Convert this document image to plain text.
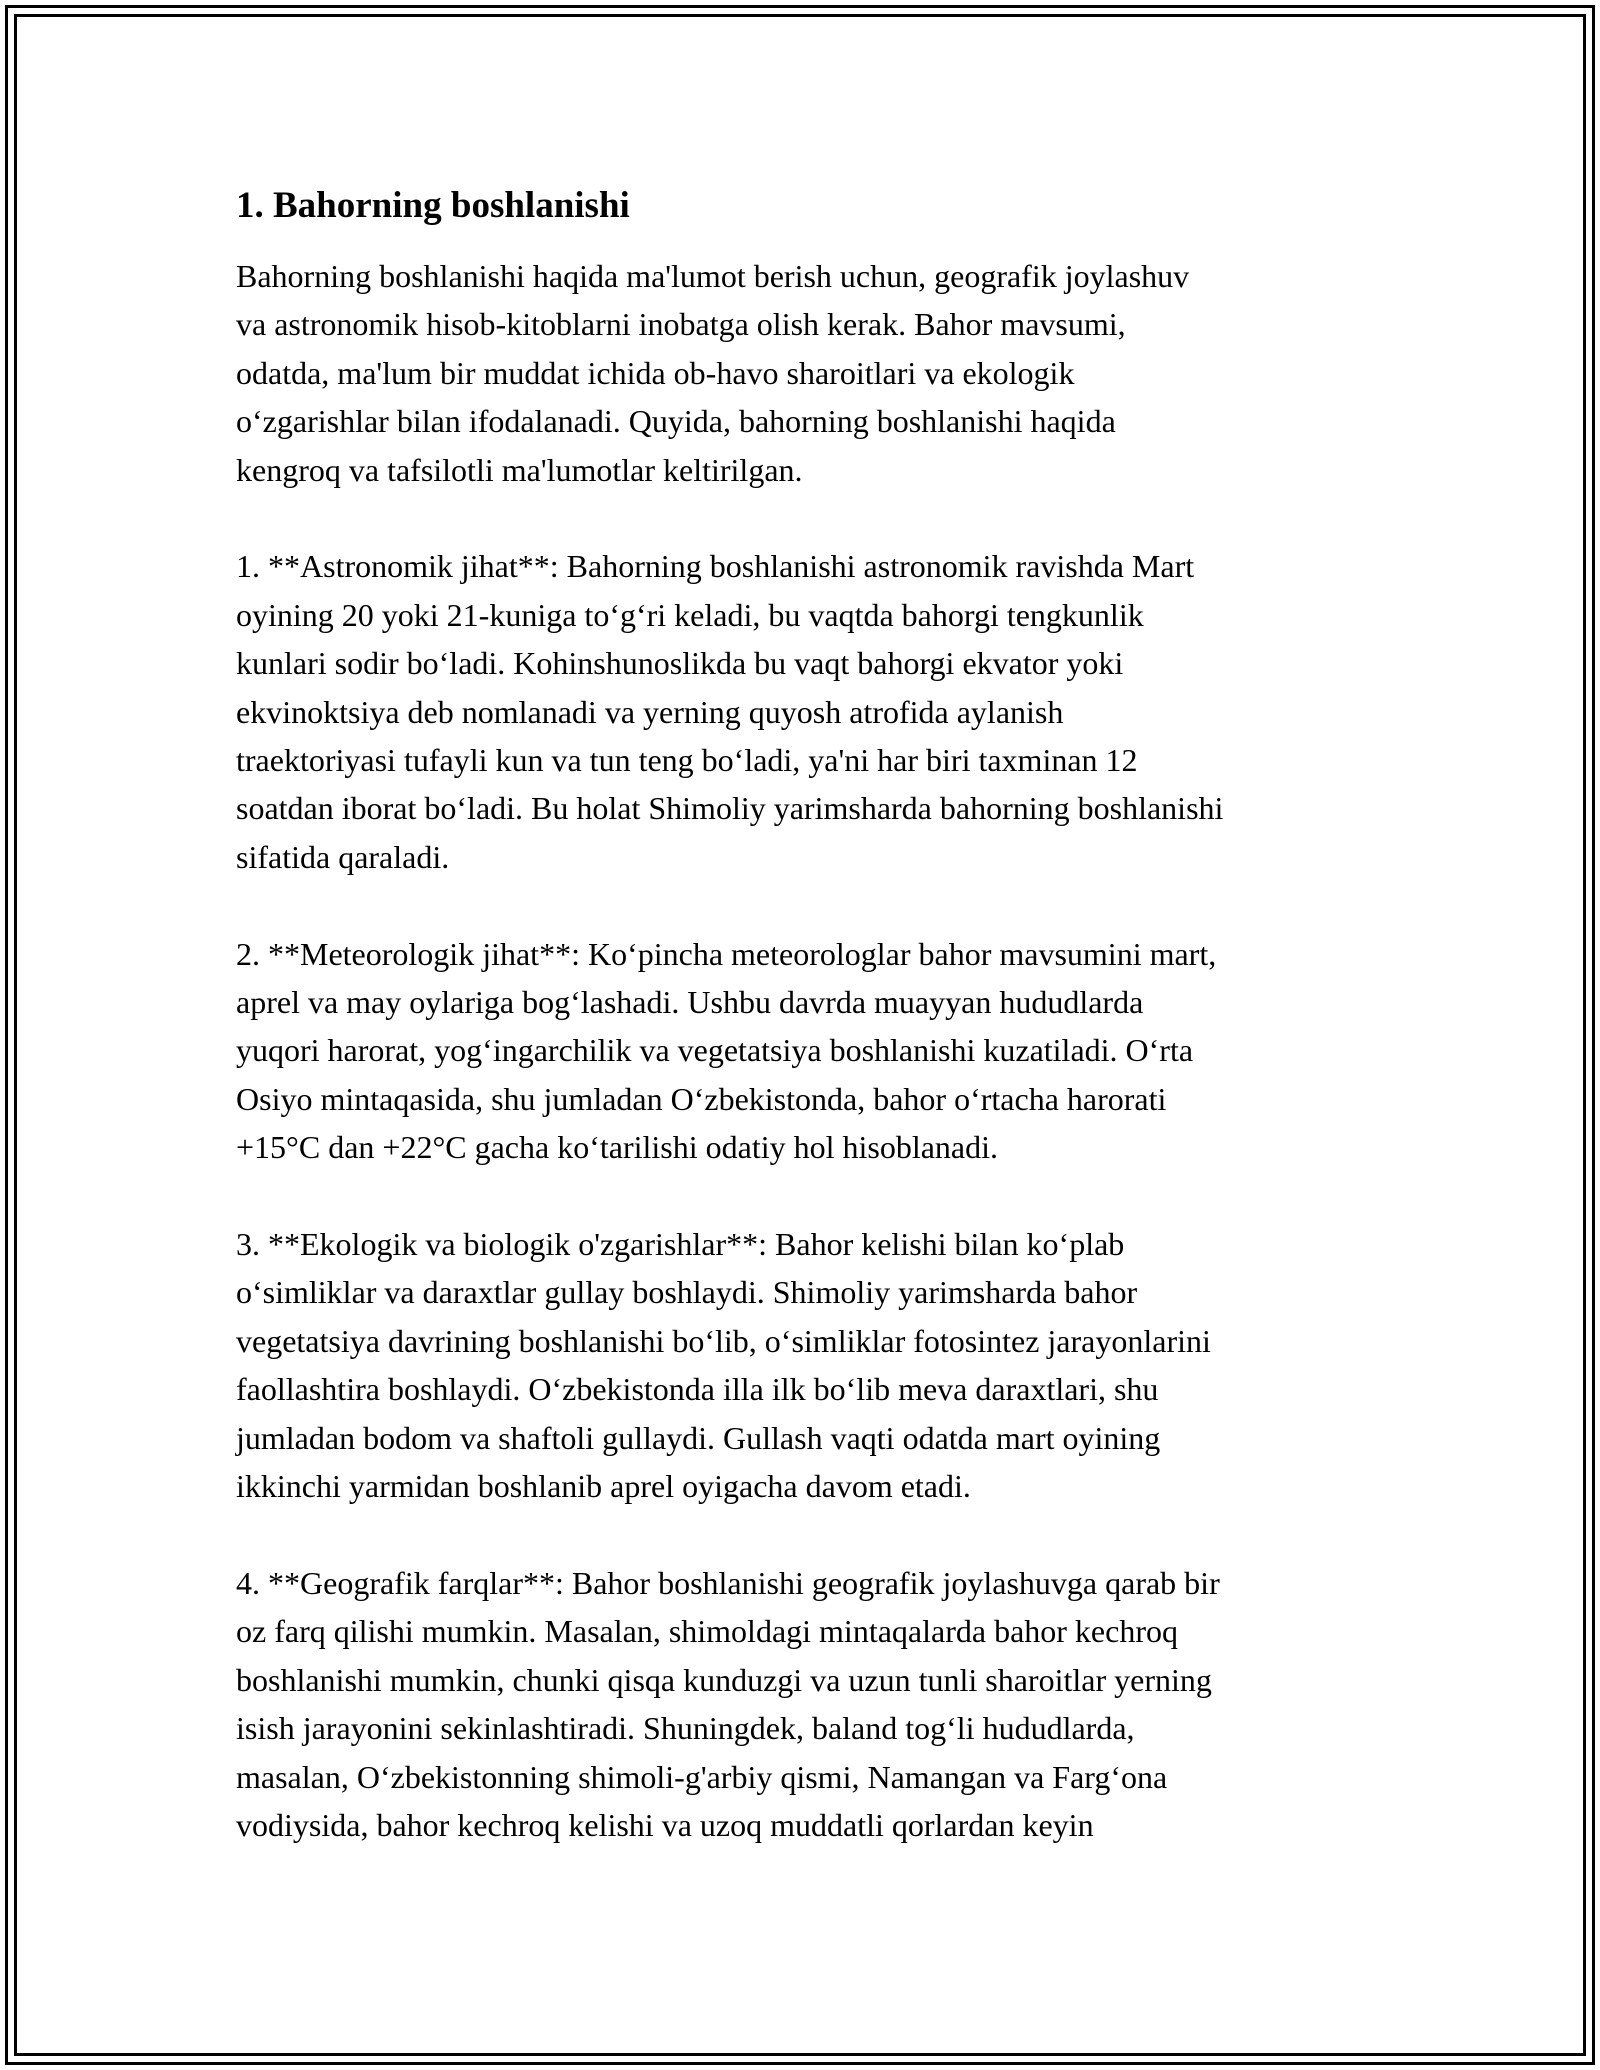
1. Bahorning boshlanishi
Bahorning boshlanishi haqida ma'lumot berish uchun, geografik joylashuv
va astronomik hisob-kitoblarni inobatga olish kerak. Bahor mavsumi,
odatda, ma'lum bir muddat ichida ob-havo sharoitlari va ekologik
o‘zgarishlar bilan ifodalanadi. Quyida, bahorning boshlanishi haqida
kengroq va tafsilotli ma'lumotlar keltirilgan.
1. **Astronomik jihat**: Bahorning boshlanishi astronomik ravishda Mart
oyining 20 yoki 21-kuniga to‘g‘ri keladi, bu vaqtda bahorgi tengkunlik
kunlari sodir bo‘ladi. Kohinshunoslikda bu vaqt bahorgi ekvator yoki
ekvinoktsiya deb nomlanadi va yerning quyosh atrofida aylanish
traektoriyasi tufayli kun va tun teng bo‘ladi, ya'ni har biri taxminan 12
soatdan iborat bo‘ladi. Bu holat Shimoliy yarimsharda bahorning boshlanishi
sifatida qaraladi.
2. **Meteorologik jihat**: Ko‘pincha meteorologlar bahor mavsumini mart,
aprel va may oylariga bog‘lashadi. Ushbu davrda muayyan hududlarda
yuqori harorat, yog‘ingarchilik va vegetatsiya boshlanishi kuzatiladi. O‘rta
Osiyo mintaqasida, shu jumladan O‘zbekistonda, bahor o‘rtacha harorati
+15°C dan +22°C gacha ko‘tarilishi odatiy hol hisoblanadi.
3. **Ekologik va biologik o'zgarishlar**: Bahor kelishi bilan ko‘plab
o‘simliklar va daraxtlar gullay boshlaydi. Shimoliy yarimsharda bahor
vegetatsiya davrining boshlanishi bo‘lib, o‘simliklar fotosintez jarayonlarini
faollashtira boshlaydi. O‘zbekistonda illa ilk bo‘lib meva daraxtlari, shu
jumladan bodom va shaftoli gullaydi. Gullash vaqti odatda mart oyining
ikkinchi yarmidan boshlanib aprel oyigacha davom etadi.
4. **Geografik farqlar**: Bahor boshlanishi geografik joylashuvga qarab bir
oz farq qilishi mumkin. Masalan, shimoldagi mintaqalarda bahor kechroq
boshlanishi mumkin, chunki qisqa kunduzgi va uzun tunli sharoitlar yerning
isish jarayonini sekinlashtiradi. Shuningdek, baland tog‘li hududlarda,
masalan, O‘zbekistonning shimoli-g'arbiy qismi, Namangan va Farg‘ona
vodiysida, bahor kechroq kelishi va uzoq muddatli qorlardan keyin
